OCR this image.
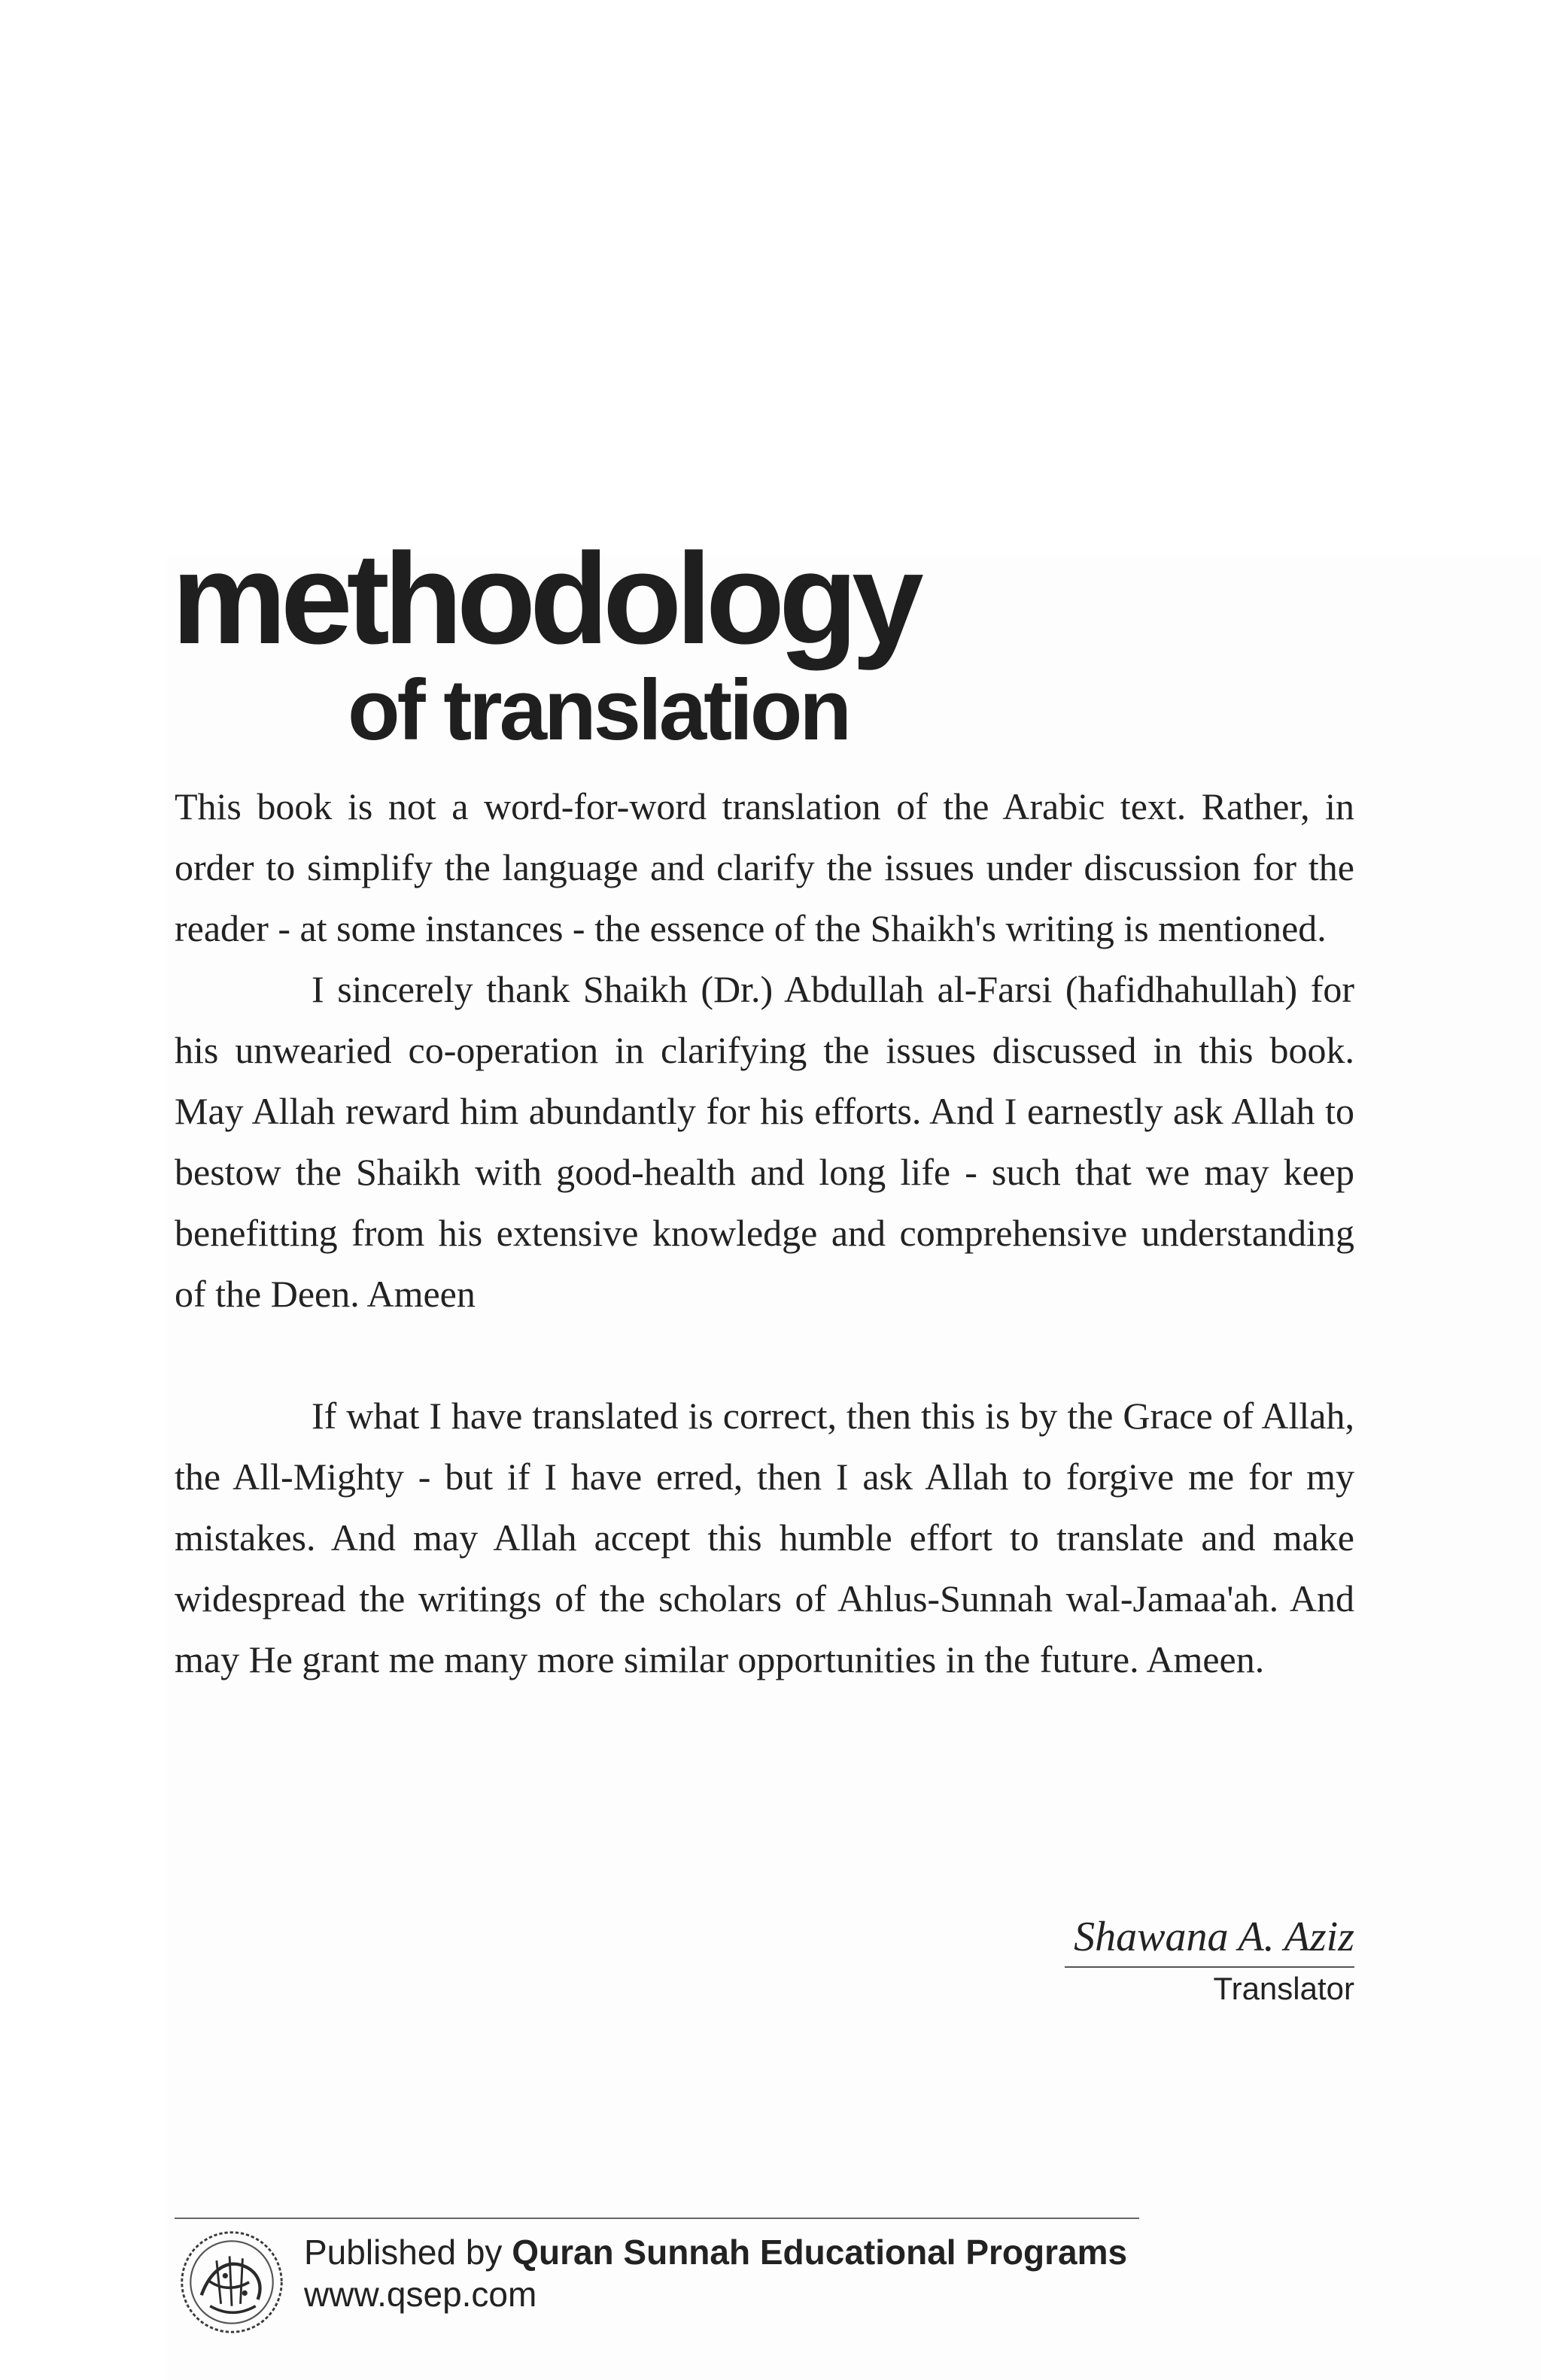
methodology
of translation

This book is not a word-for-word translation of the Arabic text. Rather, in order to simplify the language and clarify the issues under discussion for the reader - at some instances - the essence of the Shaikh's writing is mentioned.

I sincerely thank Shaikh (Dr.) Abdullah al-Farsi (hafidhahullah) for his unwearied co-operation in clarifying the issues discussed in this book. May Allah reward him abundantly for his efforts. And I earnestly ask Allah to bestow the Shaikh with good-health and long life - such that we may keep benefitting from his extensive knowledge and comprehensive understanding of the Deen. Ameen

If what I have translated is correct, then this is by the Grace of Allah, the All-Mighty - but if I have erred, then I ask Allah to forgive me for my mistakes. And may Allah accept this humble effort to translate and make widespread the writings of the scholars of Ahlus-Sunnah wal-Jamaa'ah. And may He grant me many more similar opportunities in the future. Ameen.

Shawana A. Aziz
Translator
Published by Quran Sunnah Educational Programs
www.qsep.com
